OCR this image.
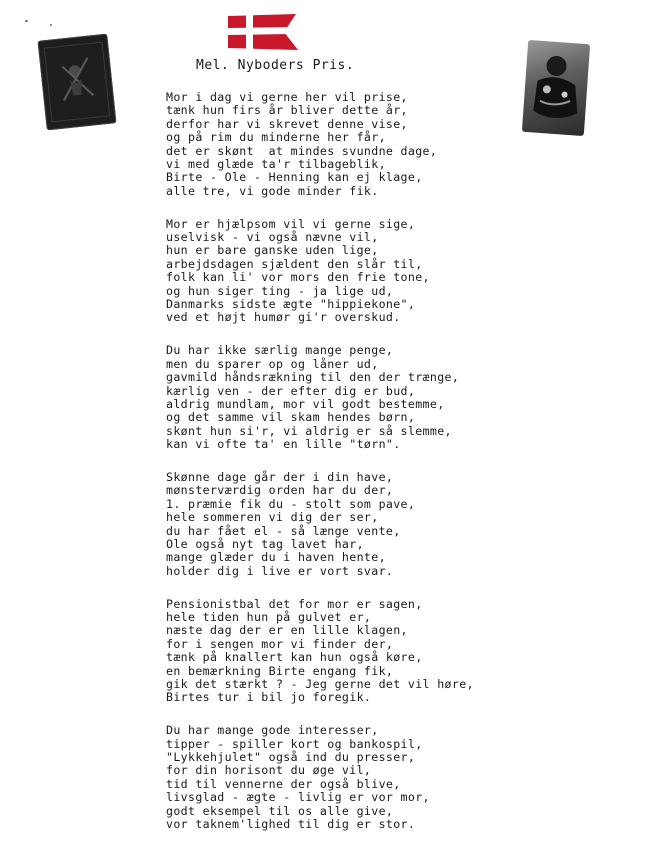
Mel. Nyboders Pris.
Mor i dag vi gerne her vil prise,
tænk hun firs år bliver dette år,
derfor har vi skrevet denne vise,
og på rim du minderne her får,
det er skønt  at mindes svundne dage,
vi med glæde ta'r tilbageblik,
Birte - Ole - Henning kan ej klage,
alle tre, vi gode minder fik.
Mor er hjælpsom vil vi gerne sige,
uselvisk - vi også nævne vil,
hun er bare ganske uden lige,
arbejdsdagen sjældent den slår til,
folk kan li' vor mors den frie tone,
og hun siger ting - ja lige ud,
Danmarks sidste ægte "hippiekone",
ved et højt humør gi'r overskud.
Du har ikke særlig mange penge,
men du sparer op og låner ud,
gavmild håndsrækning til den der trænge,
kærlig ven - der efter dig er bud,
aldrig mundlam, mor vil godt bestemme,
og det samme vil skam hendes børn,
skønt hun si'r, vi aldrig er så slemme,
kan vi ofte ta' en lille "tørn".
Skønne dage går der i din have,
mønsterværdig orden har du der,
1. præmie fik du - stolt som pave,
hele sommeren vi dig der ser,
du har fået el - så længe vente,
Ole også nyt tag lavet har,
mange glæder du i haven hente,
holder dig i live er vort svar.
Pensionistbal det for mor er sagen,
hele tiden hun på gulvet er,
næste dag der er en lille klagen,
for i sengen mor vi finder der,
tænk på knallert kan hun også køre,
en bemærkning Birte engang fik,
gik det stærkt ? - Jeg gerne det vil høre,
Birtes tur i bil jo foregik.
Du har mange gode interesser,
tipper - spiller kort og bankospil,
"Lykkehjulet" også ind du presser,
for din horisont du øge vil,
tid til vennerne der også blive,
livsglad - ægte - livlig er vor mor,
godt eksempel til os alle give,
vor taknem'lighed til dig er stor.
